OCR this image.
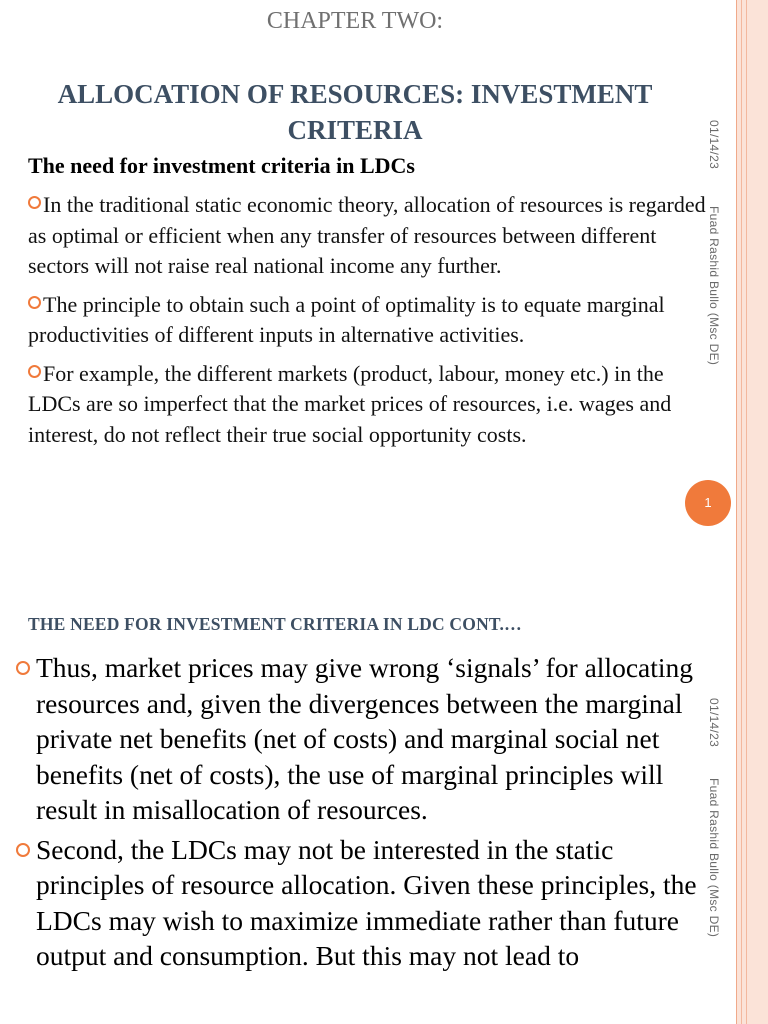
01/14/23
Fuad Rashid Bullo (Msc DE)
CHAPTER TWO:
ALLOCATION OF RESOURCES: INVESTMENT
CRITERIA
The need for investment criteria in LDCs

In the traditional static economic theory, allocation of resources is regarded as optimal or efficient when any transfer of resources between different sectors will not raise real national income any further.

The principle to obtain such a point of optimality is to equate marginal productivities of different inputs in alternative activities.

For example, the different markets (product, labour, money etc.) in the LDCs are so imperfect that the market prices of resources, i.e. wages and interest, do not reflect their true social opportunity costs.

1
01/14/23
Fuad Rashid Bullo (Msc DE)
THE NEED FOR INVESTMENT CRITERIA IN LDC CONT.…

Thus, market prices may give wrong ‘signals’ for allocating resources and, given the divergences between the marginal private net benefits (net of costs) and marginal social net benefits (net of costs), the use of marginal principles will result in misallocation of resources.

Second, the LDCs may not be interested in the static principles of resource allocation. Given these principles, the LDCs may wish to maximize immediate rather than future output and consumption. But this may not lead to
